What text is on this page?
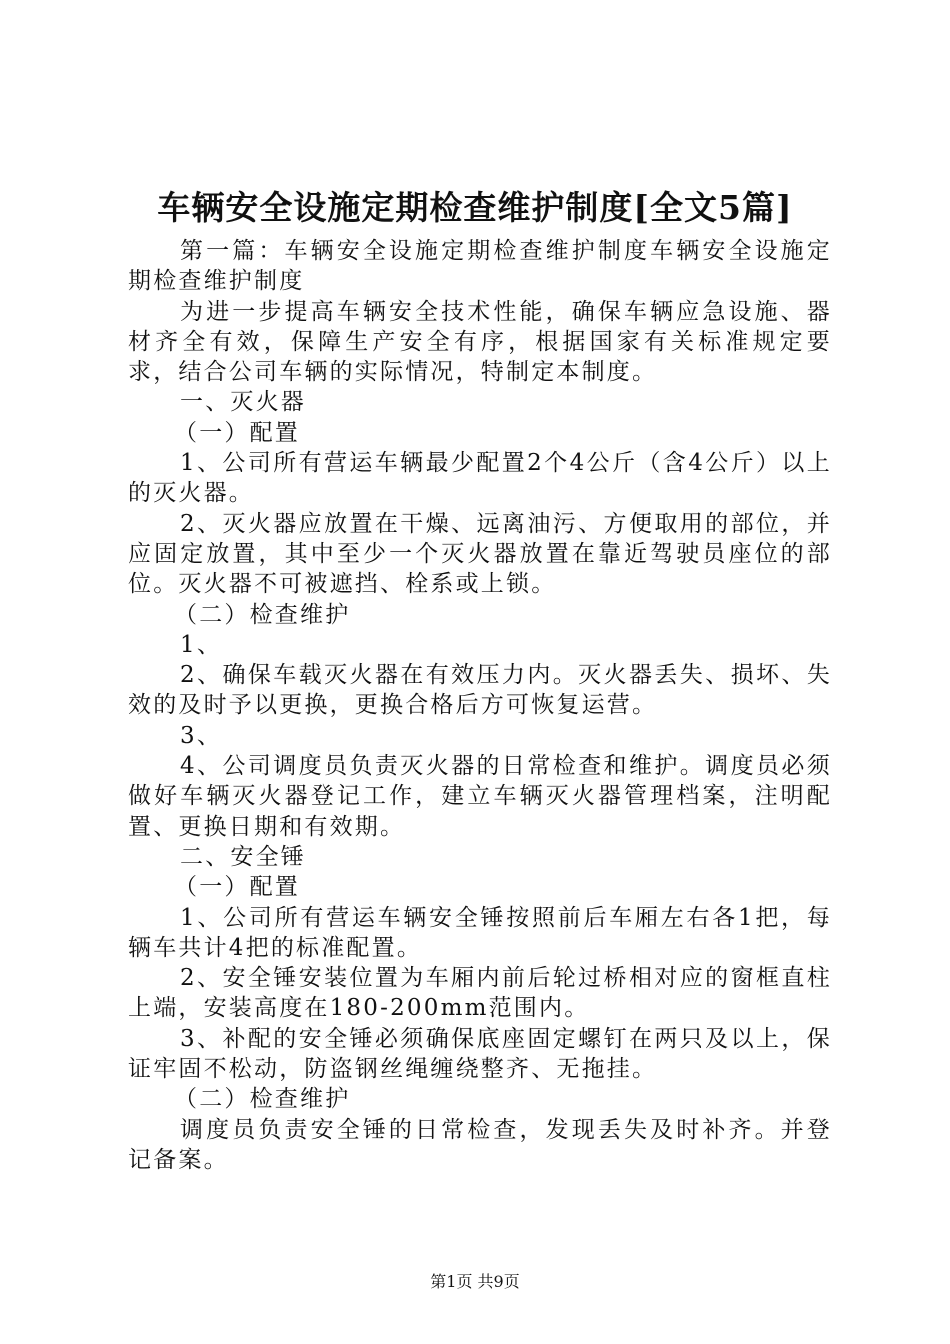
车辆安全设施定期检查维护制度[全文5篇]

第一篇：车辆安全设施定期检查维护制度车辆安全设施定期检查维护制度

为进一步提高车辆安全技术性能，确保车辆应急设施、器材齐全有效，保障生产安全有序，根据国家有关标准规定要求，结合公司车辆的实际情况，特制定本制度。

一、灭火器

（一）配置

1、公司所有营运车辆最少配置2个4公斤（含4公斤）以上的灭火器。

2、灭火器应放置在干燥、远离油污、方便取用的部位，并应固定放置，其中至少一个灭火器放置在靠近驾驶员座位的部位。灭火器不可被遮挡、栓系或上锁。

（二）检查维护

1、

2、确保车载灭火器在有效压力内。灭火器丢失、损坏、失效的及时予以更换，更换合格后方可恢复运营。

3、

4、公司调度员负责灭火器的日常检查和维护。调度员必须做好车辆灭火器登记工作，建立车辆灭火器管理档案，注明配置、更换日期和有效期。

二、安全锤

（一）配置

1、公司所有营运车辆安全锤按照前后车厢左右各1把，每辆车共计4把的标准配置。

2、安全锤安装位置为车厢内前后轮过桥相对应的窗框直柱上端，安装高度在180-200mm范围内。

3、补配的安全锤必须确保底座固定螺钉在两只及以上，保证牢固不松动，防盗钢丝绳缠绕整齐、无拖挂。

（二）检查维护

调度员负责安全锤的日常检查，发现丢失及时补齐。并登记备案。

第1页 共9页
